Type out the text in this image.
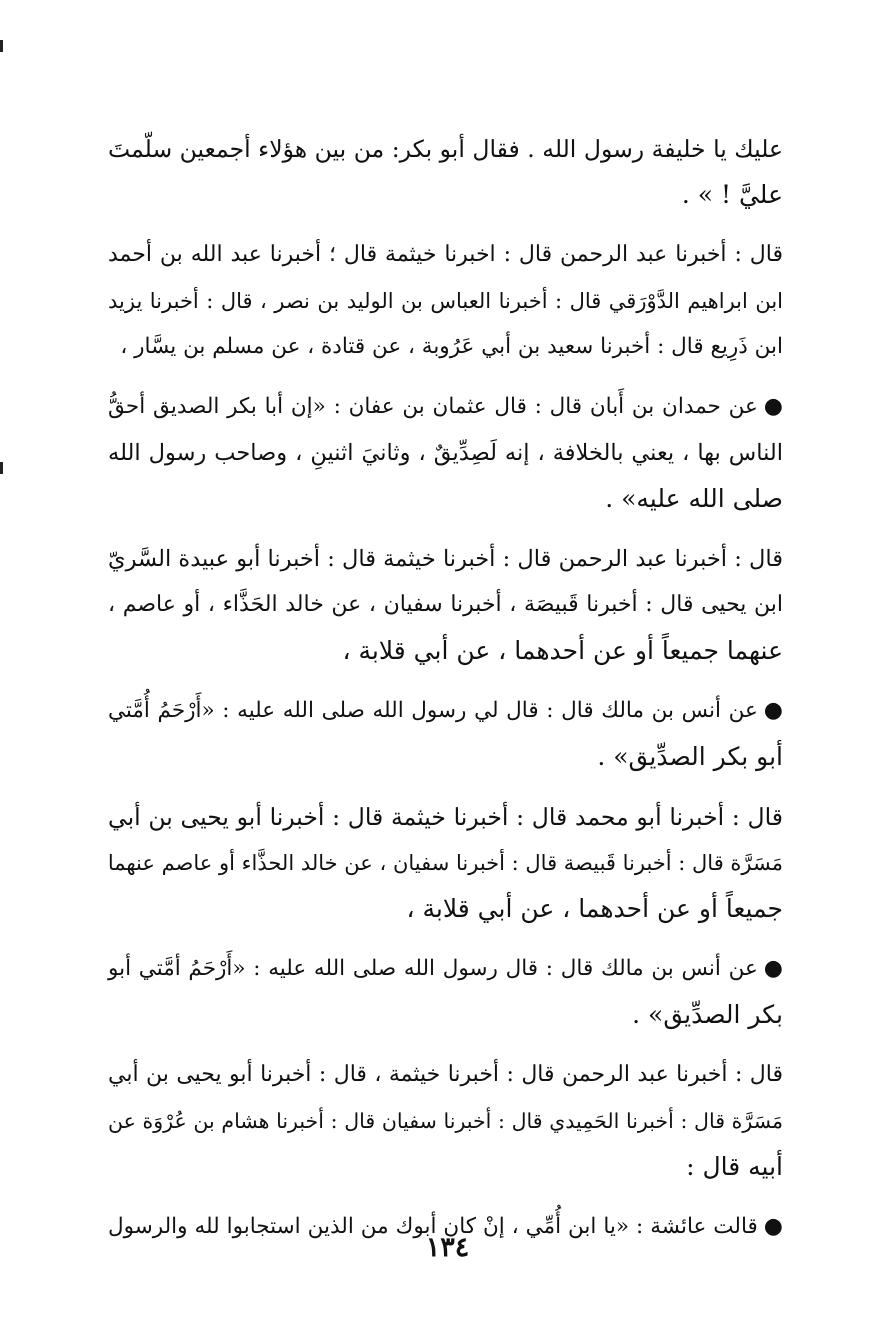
عليك يا خليفة رسول الله . فقال أبو بكر: من بين هؤلاء أجمعين سلّمتَ
عليَّ ! » .
قال : أخبرنا عبد الرحمن قال : اخبرنا خيثمة قال ؛ أخبرنا عبد الله بن أحمد
ابن ابراهيم الدَّوْرَقي قال : أخبرنا العباس بن الوليد بن نصر ، قال : أخبرنا يزيد
ابن ذَرِيع قال : أخبرنا سعيد بن أبي عَرُوبة ، عن قتادة ، عن مسلم بن يسَّار ،
●عن حمدان بن أَبان قال : قال عثمان بن عفان : «إن أبا بكر الصديق أحقُّ
الناس بها ، يعني بالخلافة ، إنه لَصِدِّيقٌ ، وثانيَ اثنينِ ، وصاحب رسول الله
صلى الله عليه» .
قال : أخبرنا عبد الرحمن قال : أخبرنا خيثمة قال : أخبرنا أبو عبيدة السَّريّ
ابن يحيى قال : أخبرنا قَبيصَة ، أخبرنا سفيان ، عن خالد الحَذَّاء ، أو عاصم ،
عنهما جميعاً أو عن أحدهما ، عن أبي قلابة ،
●عن أنس بن مالك قال : قال لي رسول الله صلى الله عليه : «أَرْحَمُ أُمَّتي
أبو بكر الصدِّيق» .
قال : أخبرنا أبو محمد قال : أخبرنا خيثمة قال : أخبرنا أبو يحيى بن أبي
مَسَرَّة قال : أخبرنا قَبيصة قال : أخبرنا سفيان ، عن خالد الحذَّاء أو عاصم عنهما
جميعاً أو عن أحدهما ، عن أبي قلابة ،
●عن أنس بن مالك قال : قال رسول الله صلى الله عليه : «أَرْحَمُ أمَّتي أبو
بكر الصدِّيق» .
قال : أخبرنا عبد الرحمن قال : أخبرنا خيثمة ، قال : أخبرنا أبو يحيى بن أبي
مَسَرَّة قال : أخبرنا الحَمِيدي قال : أخبرنا سفيان قال : أخبرنا هشام بن عُرْوَة عن
أبيه قال :
●قالت عائشة : «يا ابن أُمِّي ، إنْ كان أبوك من الذين استجابوا لله والرسول
١٣٤
